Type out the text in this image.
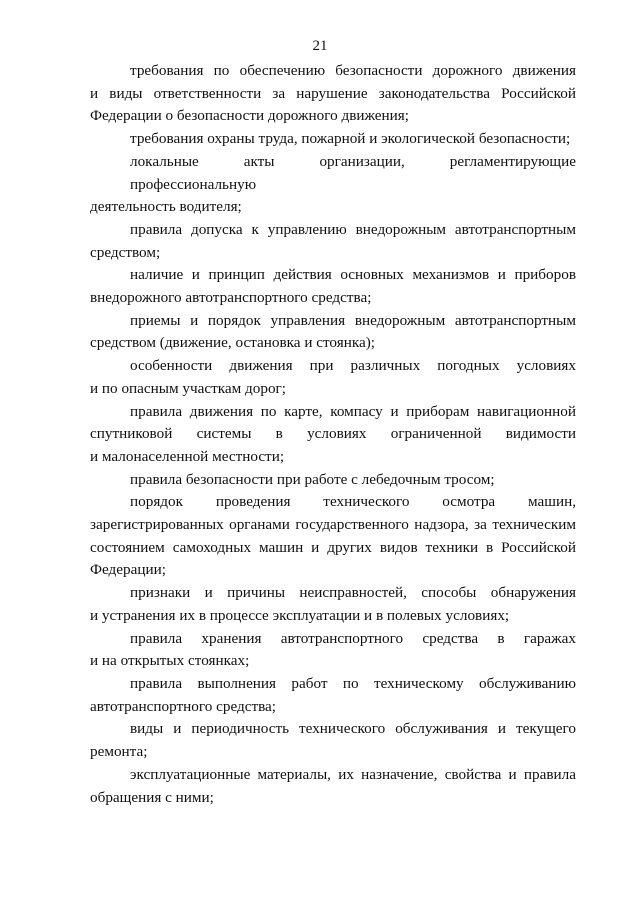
21
требования по обеспечению безопасности дорожного движения
и виды ответственности за нарушение законодательства Российской
Федерации о безопасности дорожного движения;
требования охраны труда, пожарной и экологической безопасности;
локальные акты организации, регламентирующие профессиональную
деятельность водителя;
правила допуска к управлению внедорожным автотранспортным
средством;
наличие и принцип действия основных механизмов и приборов
внедорожного автотранспортного средства;
приемы и порядок управления внедорожным автотранспортным
средством (движение, остановка и стоянка);
особенности движения при различных погодных условиях
и по опасным участкам дорог;
правила движения по карте, компасу и приборам навигационной
спутниковой системы в условиях ограниченной видимости
и малонаселенной местности;
правила безопасности при работе с лебедочным тросом;
порядок проведения технического осмотра машин,
зарегистрированных органами государственного надзора, за техническим
состоянием самоходных машин и других видов техники в Российской
Федерации;
признаки и причины неисправностей, способы обнаружения
и устранения их в процессе эксплуатации и в полевых условиях;
правила хранения автотранспортного средства в гаражах
и на открытых стоянках;
правила выполнения работ по техническому обслуживанию
автотранспортного средства;
виды и периодичность технического обслуживания и текущего
ремонта;
эксплуатационные материалы, их назначение, свойства и правила
обращения с ними;
